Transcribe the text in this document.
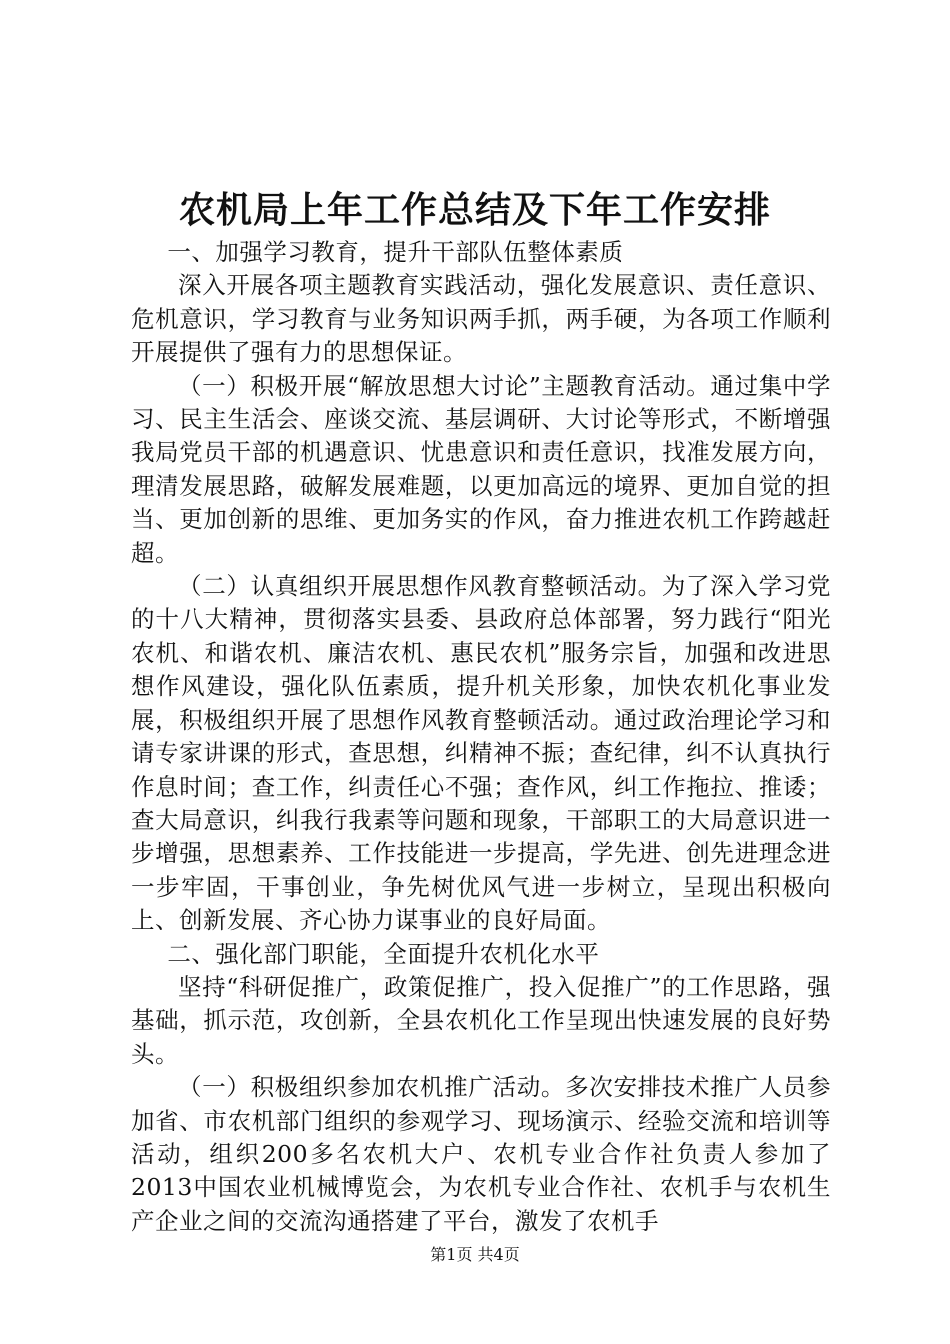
农机局上年工作总结及下年工作安排

一、加强学习教育，提升干部队伍整体素质

深入开展各项主题教育实践活动，强化发展意识、责任意识、危机意识，学习教育与业务知识两手抓，两手硬，为各项工作顺利开展提供了强有力的思想保证。

（一）积极开展“解放思想大讨论”主题教育活动。通过集中学习、民主生活会、座谈交流、基层调研、大讨论等形式，不断增强我局党员干部的机遇意识、忧患意识和责任意识，找准发展方向，理清发展思路，破解发展难题，以更加高远的境界、更加自觉的担当、更加创新的思维、更加务实的作风，奋力推进农机工作跨越赶超。

（二）认真组织开展思想作风教育整顿活动。为了深入学习党的十八大精神，贯彻落实县委、县政府总体部署，努力践行“阳光农机、和谐农机、廉洁农机、惠民农机”服务宗旨，加强和改进思想作风建设，强化队伍素质，提升机关形象，加快农机化事业发展，积极组织开展了思想作风教育整顿活动。通过政治理论学习和请专家讲课的形式，查思想，纠精神不振；查纪律，纠不认真执行作息时间；查工作，纠责任心不强；查作风，纠工作拖拉、推诿；查大局意识，纠我行我素等问题和现象，干部职工的大局意识进一步增强，思想素养、工作技能进一步提高，学先进、创先进理念进一步牢固，干事创业，争先树优风气进一步树立，呈现出积极向上、创新发展、齐心协力谋事业的良好局面。

二、强化部门职能，全面提升农机化水平

坚持“科研促推广，政策促推广，投入促推广”的工作思路，强基础，抓示范，攻创新，全县农机化工作呈现出快速发展的良好势头。

（一）积极组织参加农机推广活动。多次安排技术推广人员参加省、市农机部门组织的参观学习、现场演示、经验交流和培训等活动，组织200多名农机大户、农机专业合作社负责人参加了2013中国农业机械博览会，为农机专业合作社、农机手与农机生产企业之间的交流沟通搭建了平台，激发了农机手

第1页 共4页
